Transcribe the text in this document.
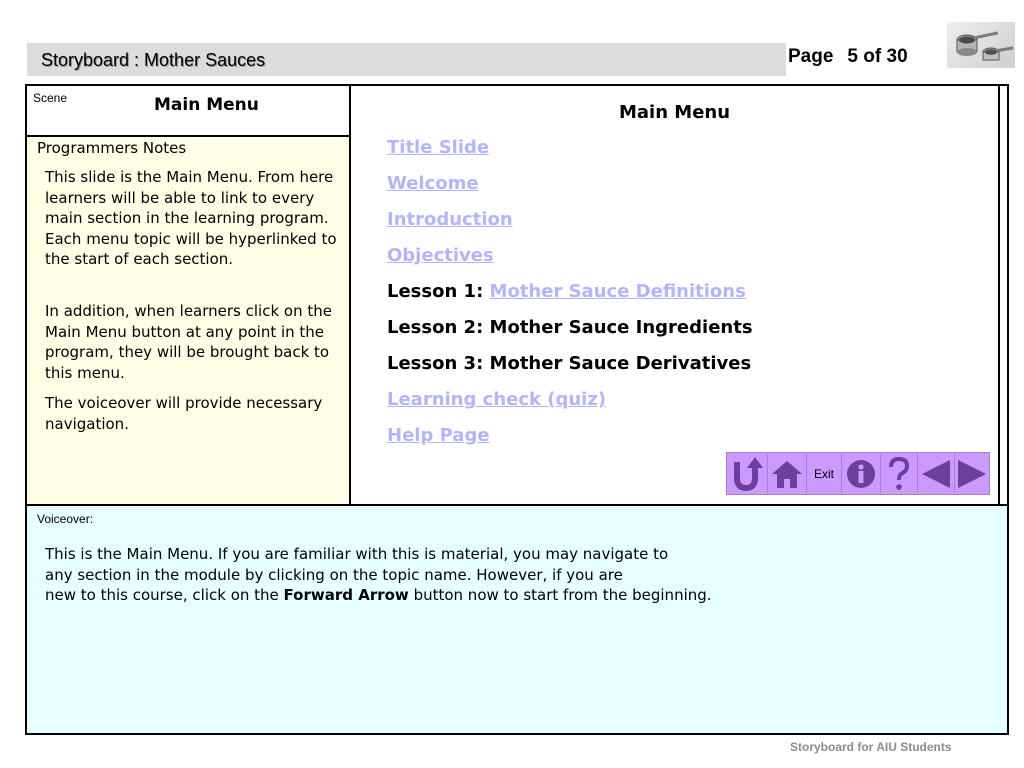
Storyboard : Mother Sauces	Page 5 of 30
Scene	Main Menu
Programmers Notes

This slide is the Main Menu. From here learners will be able to link to every main section in the learning program. Each menu topic will be hyperlinked to the start of each section.

In addition, when learners click on the Main Menu button at any point in the program, they will be brought back to this menu.

The voiceover will provide necessary navigation.

Main Menu
Title Slide
Welcome
Introduction
Objectives
Lesson 1: Mother Sauce Definitions
Lesson 2: Mother Sauce Ingredients
Lesson 3: Mother Sauce Derivatives
Learning check (quiz)
Help Page
Exit
Voiceover:
This is the Main Menu. If you are familiar with this is material, you may navigate to
any section in the module by clicking on the topic name. However, if you are
new to this course, click on the Forward Arrow button now to start from the beginning.
Storyboard for AIU Students
